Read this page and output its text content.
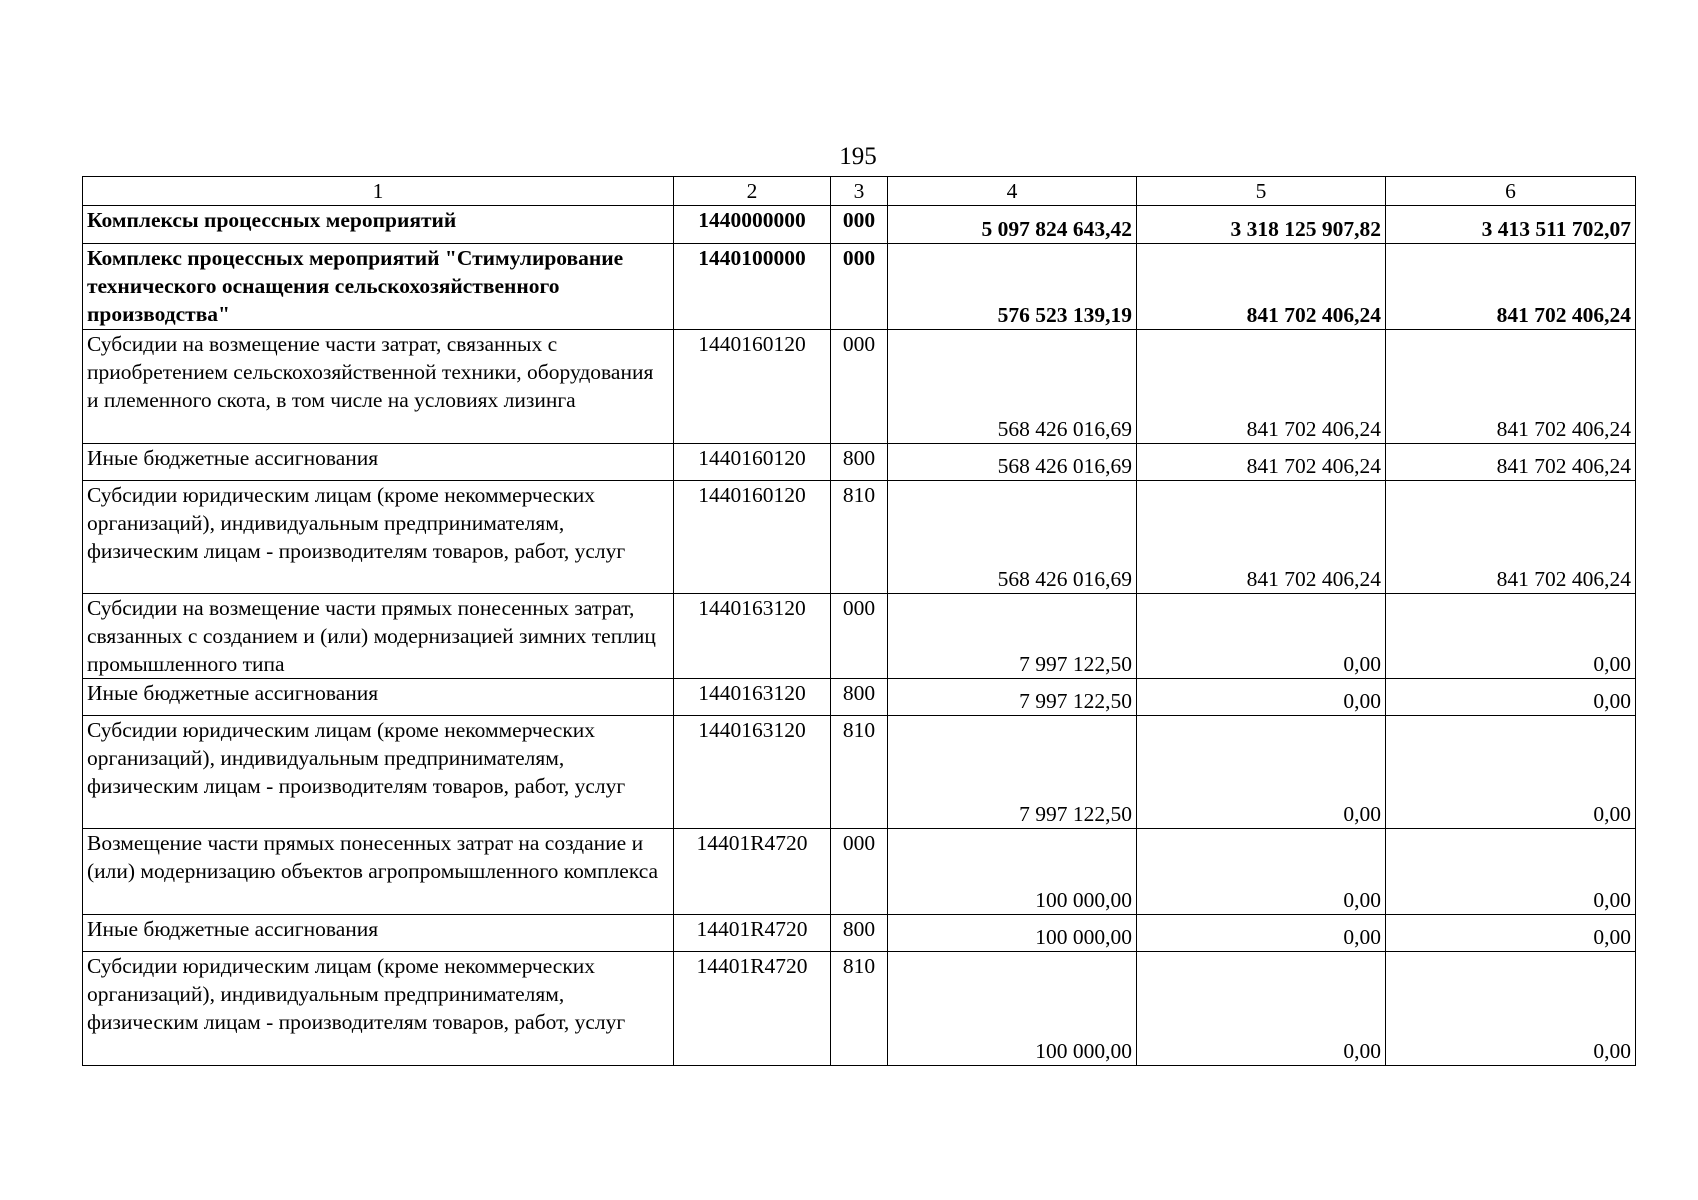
195
1	2	3	4	5	6
Комплексы процессных мероприятий	1440000000	000	5 097 824 643,42	3 318 125 907,82	3 413 511 702,07
Комплекс процессных мероприятий "Стимулирование технического оснащения сельскохозяйственного производства"	1440100000	000	576 523 139,19	841 702 406,24	841 702 406,24
Субсидии на возмещение части затрат, связанных с приобретением сельскохозяйственной техники, оборудования и племенного скота, в том числе на условиях лизинга	1440160120	000	568 426 016,69	841 702 406,24	841 702 406,24
Иные бюджетные ассигнования	1440160120	800	568 426 016,69	841 702 406,24	841 702 406,24
Субсидии юридическим лицам (кроме некоммерческих организаций), индивидуальным предпринимателям, физическим лицам - производителям товаров, работ, услуг	1440160120	810	568 426 016,69	841 702 406,24	841 702 406,24
Субсидии на возмещение части прямых понесенных затрат, связанных с созданием и (или) модернизацией зимних теплиц промышленного типа	1440163120	000	7 997 122,50	0,00	0,00
Иные бюджетные ассигнования	1440163120	800	7 997 122,50	0,00	0,00
Субсидии юридическим лицам (кроме некоммерческих организаций), индивидуальным предпринимателям, физическим лицам - производителям товаров, работ, услуг	1440163120	810	7 997 122,50	0,00	0,00
Возмещение части прямых понесенных затрат на создание и (или) модернизацию объектов агропромышленного комплекса	14401R4720	000	100 000,00	0,00	0,00
Иные бюджетные ассигнования	14401R4720	800	100 000,00	0,00	0,00
Субсидии юридическим лицам (кроме некоммерческих организаций), индивидуальным предпринимателям, физическим лицам - производителям товаров, работ, услуг	14401R4720	810	100 000,00	0,00	0,00
